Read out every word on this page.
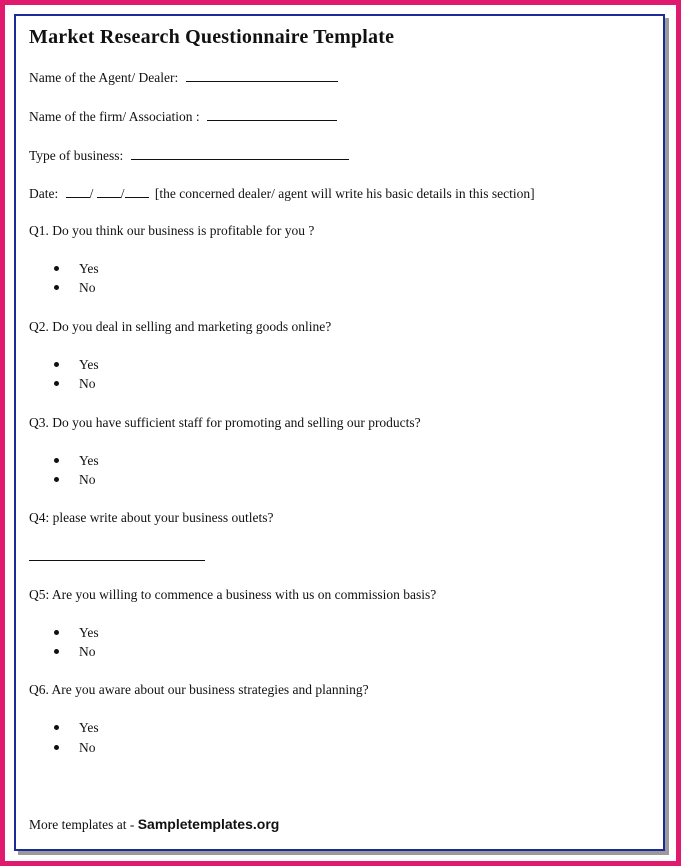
Market Research Questionnaire Template
Name of the Agent/ Dealer:
Name of the firm/ Association :
Type of business:
Date: / / [the concerned dealer/ agent will write his basic details in this section]
Q1. Do you think our business is profitable for you ?
Yes
No
Q2. Do you deal in selling and marketing goods online?
Yes
No
Q3. Do you have sufficient staff for promoting and selling our products?
Yes
No
Q4: please write about your business outlets?
Q5: Are you willing to commence a business with us on commission basis?
Yes
No
Q6. Are you aware about our business strategies and planning?
Yes
No
More templates at - Sampletemplates.org
